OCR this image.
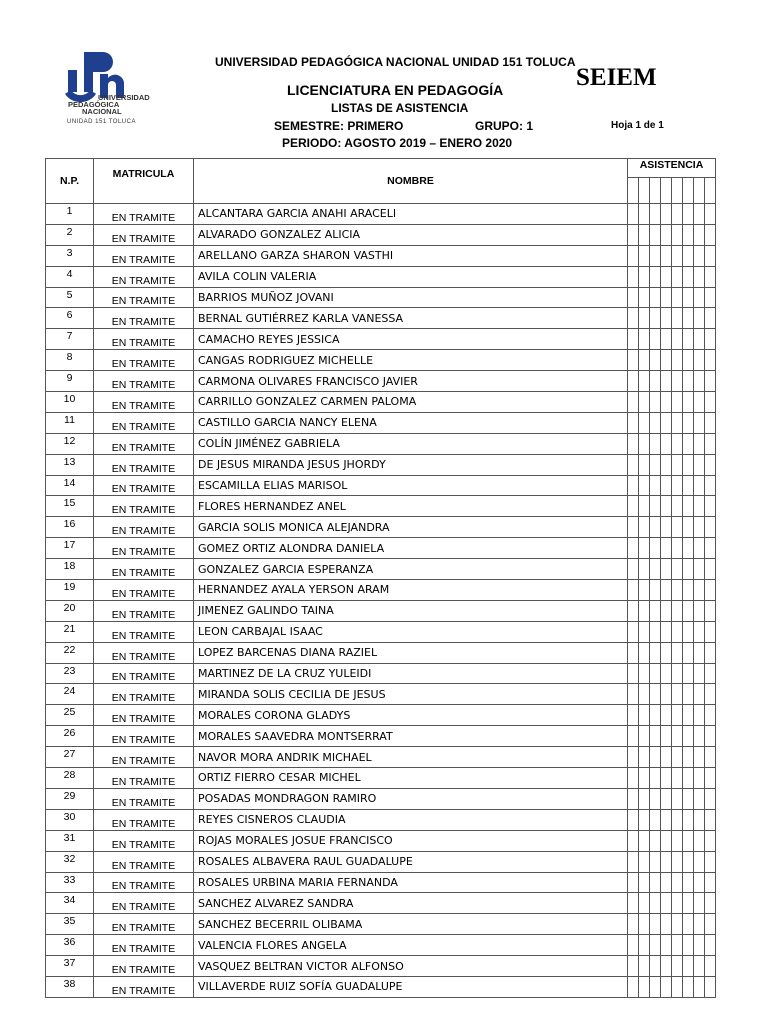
UNIVERSIDAD
PEDAGÓGICA
NACIONAL
UNIDAD 151 TOLUCA
UNIVERSIDAD PEDAGÓGICA NACIONAL UNIDAD 151 TOLUCA
LICENCIATURA EN PEDAGOGÍA
LISTAS DE ASISTENCIA
SEMESTRE: PRIMERO	GRUPO: 1
PERIODO: AGOSTO 2019 – ENERO 2020
SEIEM
Hoja 1 de 1
N.P.	MATRICULA	NOMBRE	ASISTENCIA							

1	EN TRAMITE	ALCANTARA GARCIA ANAHI ARACELI								
2	EN TRAMITE	ALVARADO GONZALEZ ALICIA								
3	EN TRAMITE	ARELLANO GARZA SHARON VASTHI								
4	EN TRAMITE	AVILA COLIN VALERIA								
5	EN TRAMITE	BARRIOS MUÑOZ JOVANI								
6	EN TRAMITE	BERNAL GUTIÉRREZ KARLA VANESSA								
7	EN TRAMITE	CAMACHO REYES JESSICA								
8	EN TRAMITE	CANGAS RODRIGUEZ MICHELLE								
9	EN TRAMITE	CARMONA OLIVARES FRANCISCO JAVIER								
10	EN TRAMITE	CARRILLO GONZALEZ CARMEN PALOMA								
11	EN TRAMITE	CASTILLO GARCIA NANCY ELENA								
12	EN TRAMITE	COLÍN JIMÉNEZ GABRIELA								
13	EN TRAMITE	DE JESUS MIRANDA JESUS JHORDY								
14	EN TRAMITE	ESCAMILLA ELIAS MARISOL								
15	EN TRAMITE	FLORES HERNANDEZ ANEL								
16	EN TRAMITE	GARCIA SOLIS MONICA ALEJANDRA								
17	EN TRAMITE	GOMEZ ORTIZ ALONDRA DANIELA								
18	EN TRAMITE	GONZALEZ GARCIA ESPERANZA								
19	EN TRAMITE	HERNANDEZ AYALA YERSON ARAM								
20	EN TRAMITE	JIMENEZ GALINDO TAINA								
21	EN TRAMITE	LEON CARBAJAL ISAAC								
22	EN TRAMITE	LOPEZ BARCENAS DIANA RAZIEL								
23	EN TRAMITE	MARTINEZ DE LA CRUZ YULEIDI								
24	EN TRAMITE	MIRANDA SOLIS CECILIA DE JESUS								
25	EN TRAMITE	MORALES CORONA GLADYS								
26	EN TRAMITE	MORALES SAAVEDRA MONTSERRAT								
27	EN TRAMITE	NAVOR MORA ANDRIK MICHAEL								
28	EN TRAMITE	ORTIZ FIERRO CESAR MICHEL								
29	EN TRAMITE	POSADAS MONDRAGON RAMIRO								
30	EN TRAMITE	REYES CISNEROS CLAUDIA								
31	EN TRAMITE	ROJAS MORALES JOSUE FRANCISCO								
32	EN TRAMITE	ROSALES ALBAVERA RAUL GUADALUPE								
33	EN TRAMITE	ROSALES URBINA MARIA FERNANDA								
34	EN TRAMITE	SANCHEZ ALVAREZ SANDRA								
35	EN TRAMITE	SANCHEZ BECERRIL OLIBAMA								
36	EN TRAMITE	VALENCIA FLORES ANGELA								
37	EN TRAMITE	VASQUEZ BELTRAN VICTOR ALFONSO								
38	EN TRAMITE	VILLAVERDE RUIZ SOFÍA GUADALUPE								
